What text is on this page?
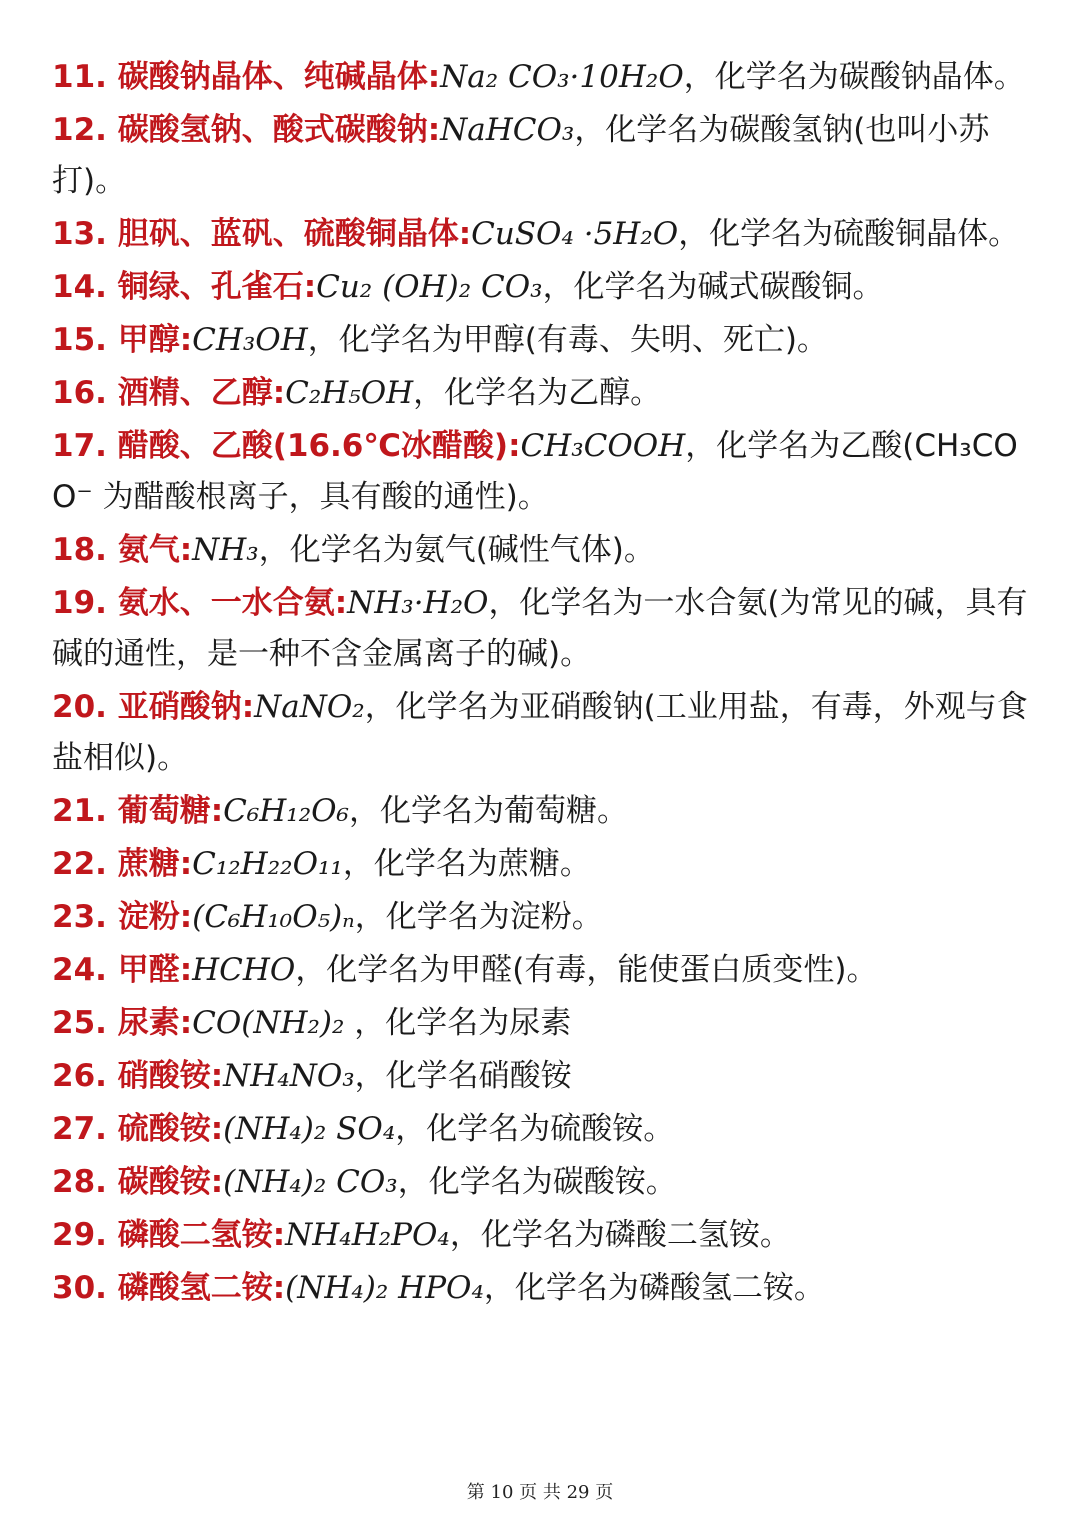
11. 碳酸钠晶体、纯碱晶体:Na₂ CO₃·10H₂O，化学名为碳酸钠晶体。
12. 碳酸氢钠、酸式碳酸钠:NaHCO₃，化学名为碳酸氢钠(也叫小苏打)。
13. 胆矾、蓝矾、硫酸铜晶体:CuSO₄ ·5H₂O，化学名为硫酸铜晶体。
14. 铜绿、孔雀石:Cu₂ (OH)₂ CO₃，化学名为碱式碳酸铜。
15. 甲醇:CH₃OH，化学名为甲醇(有毒、失明、死亡)。
16. 酒精、乙醇:C₂H₅OH，化学名为乙醇。
17. 醋酸、乙酸(16.6℃冰醋酸):CH₃COOH，化学名为乙酸(CH₃COO⁻ 为醋酸根离子，具有酸的通性)。
18. 氨气:NH₃，化学名为氨气(碱性气体)。
19. 氨水、一水合氨:NH₃·H₂O，化学名为一水合氨(为常见的碱，具有碱的通性，是一种不含金属离子的碱)。
20. 亚硝酸钠:NaNO₂，化学名为亚硝酸钠(工业用盐，有毒，外观与食盐相似)。
21. 葡萄糖:C₆H₁₂O₆，化学名为葡萄糖。
22. 蔗糖:C₁₂H₂₂O₁₁，化学名为蔗糖。
23. 淀粉:(C₆H₁₀O₅)ₙ，化学名为淀粉。
24. 甲醛:HCHO，化学名为甲醛(有毒，能使蛋白质变性)。
25. 尿素:CO(NH₂)₂ ，化学名为尿素
26. 硝酸铵:NH₄NO₃，化学名硝酸铵
27. 硫酸铵:(NH₄)₂ SO₄，化学名为硫酸铵。
28. 碳酸铵:(NH₄)₂ CO₃，化学名为碳酸铵。
29. 磷酸二氢铵:NH₄H₂PO₄，化学名为磷酸二氢铵。
30. 磷酸氢二铵:(NH₄)₂ HPO₄，化学名为磷酸氢二铵。
第 10 页 共 29 页
